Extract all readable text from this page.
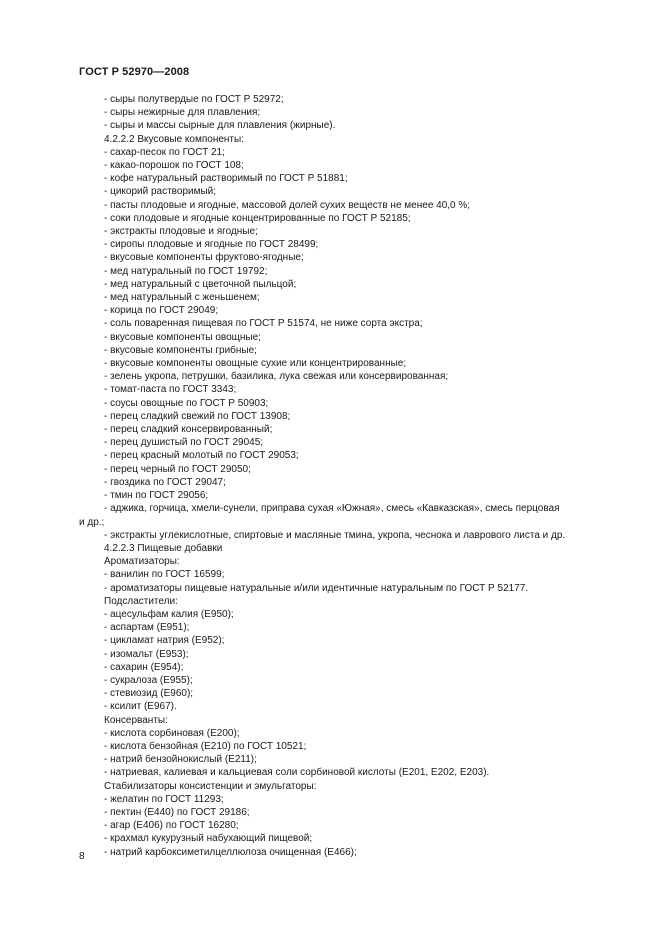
ГОСТ Р 52970—2008
- сыры полутвердые по ГОСТ Р 52972;
- сыры нежирные для плавления;
- сыры и массы сырные для плавления (жирные).
4.2.2.2 Вкусовые компоненты:
- сахар-песок по ГОСТ 21;
- какао-порошок по ГОСТ 108;
- кофе натуральный растворимый по ГОСТ Р 51881;
- цикорий растворимый;
- пасты плодовые и ягодные, массовой долей сухих веществ не менее 40,0 %;
- соки плодовые и ягодные концентрированные по ГОСТ Р 52185;
- экстракты плодовые и ягодные;
- сиропы плодовые и ягодные по ГОСТ 28499;
- вкусовые компоненты фруктово-ягодные;
- мед натуральный по ГОСТ 19792;
- мед натуральный с цветочной пыльцой;
- мед натуральный с женьшенем;
- корица по ГОСТ 29049;
- соль поваренная пищевая по ГОСТ Р 51574, не ниже сорта экстра;
- вкусовые компоненты овощные;
- вкусовые компоненты грибные;
- вкусовые компоненты овощные сухие или концентрированные;
- зелень укропа, петрушки, базилика, лука свежая или консервированная;
- томат-паста по ГОСТ 3343;
- соусы овощные по ГОСТ Р 50903;
- перец сладкий свежий по ГОСТ 13908;
- перец сладкий консервированный;
- перец душистый по ГОСТ 29045;
- перец красный молотый по ГОСТ 29053;
- перец черный по ГОСТ 29050;
- гвоздика по ГОСТ 29047;
- тмин по ГОСТ 29056;
- аджика, горчица, хмели-сунели, приправа сухая «Южная», смесь «Кавказская», смесь перцовая
и др.;
- экстракты углекислотные, спиртовые и масляные тмина, укропа, чеснока и лаврового листа и др.
4.2.2.3 Пищевые добавки
Ароматизаторы:
- ванилин по ГОСТ 16599;
- ароматизаторы пищевые натуральные и/или идентичные натуральным по ГОСТ Р 52177.
Подсластители:
- ацесульфам калия (Е950);
- аспартам (Е951);
- цикламат натрия (Е952);
- изомальт (Е953);
- сахарин (Е954);
- сукралоза (Е955);
- стевиозид (Е960);
- ксилит (Е967).
Консерванты:
- кислота сорбиновая (Е200);
- кислота бензойная (Е210) по ГОСТ 10521;
- натрий бензойнокислый (Е211);
- натриевая, калиевая и кальциевая соли сорбиновой кислоты (Е201, Е202, Е203).
Стабилизаторы консистенции и эмульгаторы:
- желатин по ГОСТ 11293;
- пектин (Е440) по ГОСТ 29186;
- агар (Е406) по ГОСТ 16280;
- крахмал кукурузный набухающий пищевой;
- натрий карбоксиметилцеллюлоза очищенная (Е466);
8
